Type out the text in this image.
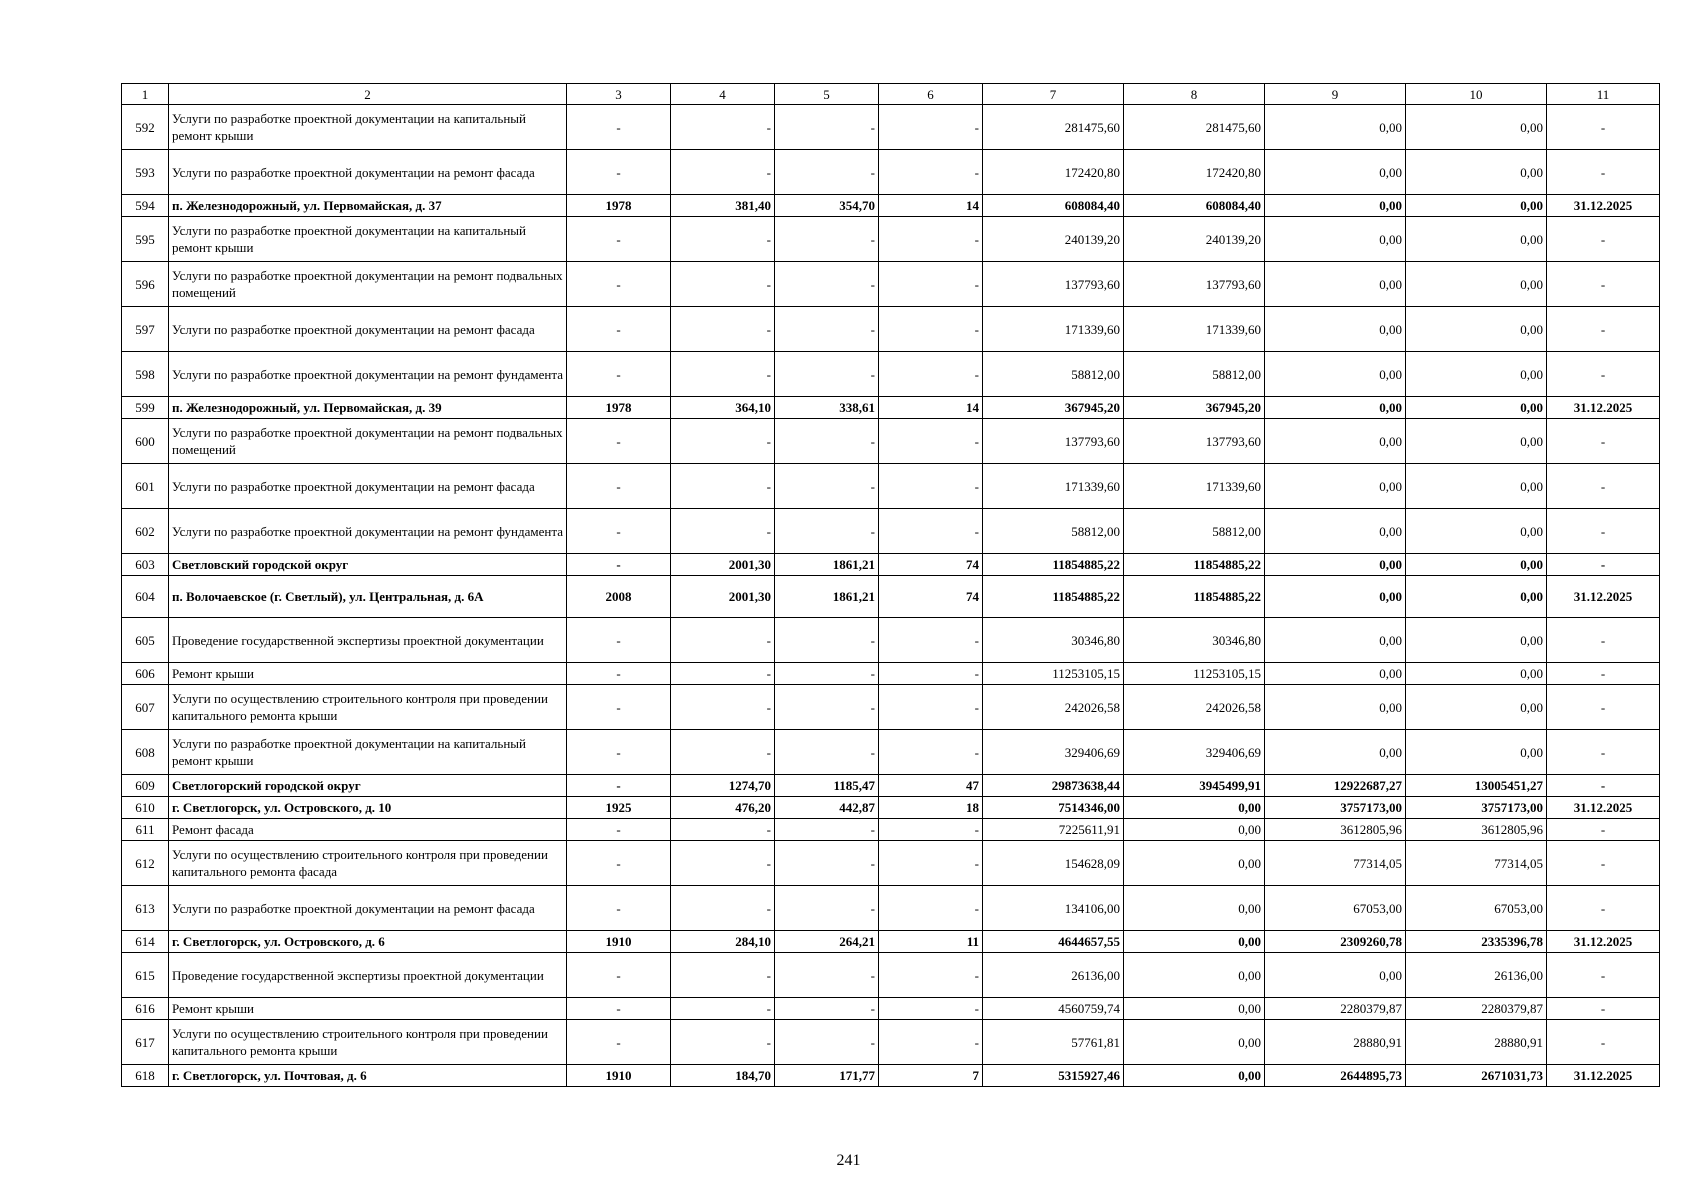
1	2	3	4	5	6	7	8	9	10	11
592	Услуги по разработке проектной документации на капитальный ремонт крыши	-	-	-	-	281475,60	281475,60	0,00	0,00	-
593	Услуги по разработке проектной документации на ремонт фасада	-	-	-	-	172420,80	172420,80	0,00	0,00	-
594	п. Железнодорожный, ул. Первомайская, д. 37	1978	381,40	354,70	14	608084,40	608084,40	0,00	0,00	31.12.2025
595	Услуги по разработке проектной документации на капитальный ремонт крыши	-	-	-	-	240139,20	240139,20	0,00	0,00	-
596	Услуги по разработке проектной документации на ремонт подвальных помещений	-	-	-	-	137793,60	137793,60	0,00	0,00	-
597	Услуги по разработке проектной документации на ремонт фасада	-	-	-	-	171339,60	171339,60	0,00	0,00	-
598	Услуги по разработке проектной документации на ремонт фундамента	-	-	-	-	58812,00	58812,00	0,00	0,00	-
599	п. Железнодорожный, ул. Первомайская, д. 39	1978	364,10	338,61	14	367945,20	367945,20	0,00	0,00	31.12.2025
600	Услуги по разработке проектной документации на ремонт подвальных помещений	-	-	-	-	137793,60	137793,60	0,00	0,00	-
601	Услуги по разработке проектной документации на ремонт фасада	-	-	-	-	171339,60	171339,60	0,00	0,00	-
602	Услуги по разработке проектной документации на ремонт фундамента	-	-	-	-	58812,00	58812,00	0,00	0,00	-
603	Светловский городской округ	-	2001,30	1861,21	74	11854885,22	11854885,22	0,00	0,00	-
604	п. Волочаевское (г. Светлый), ул. Центральная, д. 6А	2008	2001,30	1861,21	74	11854885,22	11854885,22	0,00	0,00	31.12.2025
605	Проведение государственной экспертизы проектной документации	-	-	-	-	30346,80	30346,80	0,00	0,00	-
606	Ремонт крыши	-	-	-	-	11253105,15	11253105,15	0,00	0,00	-
607	Услуги по осуществлению строительного контроля при проведении капитального ремонта крыши	-	-	-	-	242026,58	242026,58	0,00	0,00	-
608	Услуги по разработке проектной документации на капитальный ремонт крыши	-	-	-	-	329406,69	329406,69	0,00	0,00	-
609	Светлогорский городской округ	-	1274,70	1185,47	47	29873638,44	3945499,91	12922687,27	13005451,27	-
610	г. Светлогорск, ул. Островского, д. 10	1925	476,20	442,87	18	7514346,00	0,00	3757173,00	3757173,00	31.12.2025
611	Ремонт фасада	-	-	-	-	7225611,91	0,00	3612805,96	3612805,96	-
612	Услуги по осуществлению строительного контроля при проведении капитального ремонта фасада	-	-	-	-	154628,09	0,00	77314,05	77314,05	-
613	Услуги по разработке проектной документации на ремонт фасада	-	-	-	-	134106,00	0,00	67053,00	67053,00	-
614	г. Светлогорск, ул. Островского, д. 6	1910	284,10	264,21	11	4644657,55	0,00	2309260,78	2335396,78	31.12.2025
615	Проведение государственной экспертизы проектной документации	-	-	-	-	26136,00	0,00	0,00	26136,00	-
616	Ремонт крыши	-	-	-	-	4560759,74	0,00	2280379,87	2280379,87	-
617	Услуги по осуществлению строительного контроля при проведении капитального ремонта крыши	-	-	-	-	57761,81	0,00	28880,91	28880,91	-
618	г. Светлогорск, ул. Почтовая, д. 6	1910	184,70	171,77	7	5315927,46	0,00	2644895,73	2671031,73	31.12.2025
241
